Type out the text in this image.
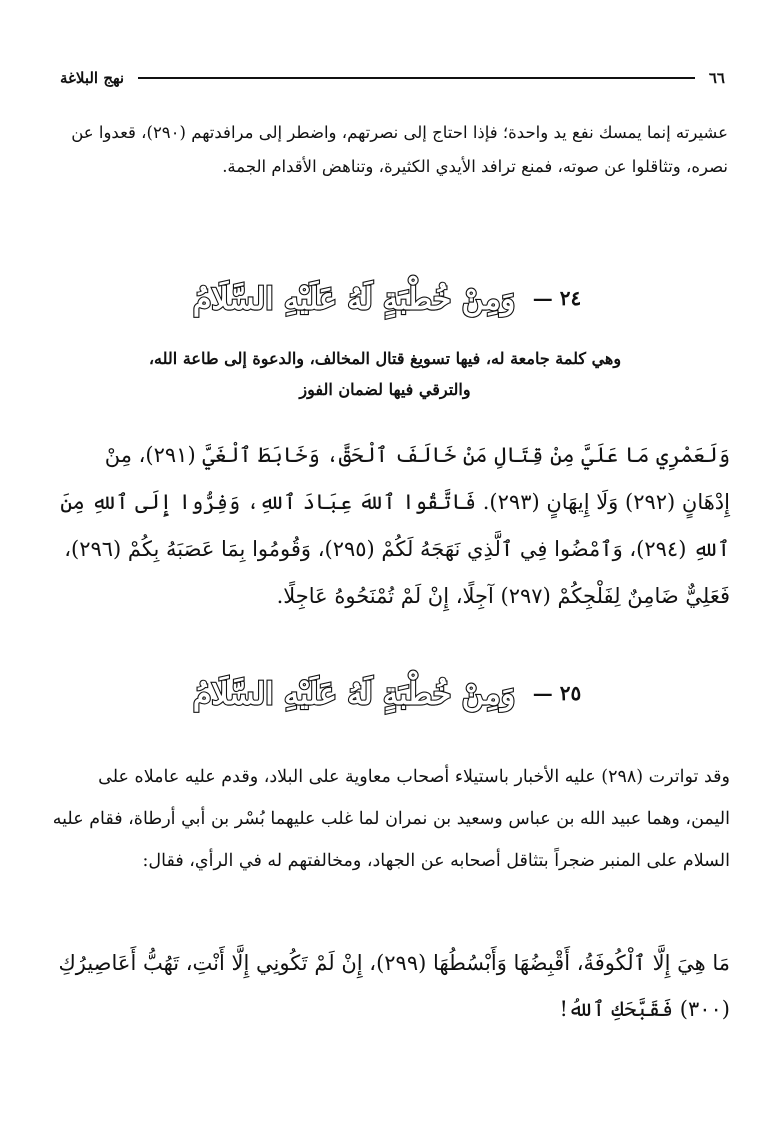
٦٦
نهج البلاغة
عشيرته إنما يمسك نفع يد واحدة؛ فإذا احتاج إلى نصرتهم، واضطر إلى مرافدتهم (٢٩٠)، قعدوا عن نصره، وتثاقلوا عن صوته، فمنع ترافد الأيدي الكثيرة، وتناهض الأقدام الجمة.
٢٤ —
وَمِنْ خُطْبَةٍ لَهُ عَلَيْهِ السَّلَامُ
وهي كلمة جامعة له، فيها تسويغ قتال المخالف، والدعوة إلى طاعة الله،
والترقي فيها لضمان الفوز
وَلَعَمْرِي مَا عَلَيَّ مِنْ قِتَالِ مَنْ خَالَفَ ٱلْحَقَّ، وَخَابَطَ ٱلْغَيَّ (٢٩١)، مِنْ إِدْهَانٍ (٢٩٢) وَلَا إِيهَانٍ (٢٩٣). فَاتَّقُوا ٱللهَ عِبَادَ ٱللهِ، وَفِرُّوا إِلَى ٱللهِ مِنَ ٱللهِ (٢٩٤)، وَٱمْضُوا فِي ٱلَّذِي نَهَجَهُ لَكُمْ (٢٩٥)، وَقُومُوا بِمَا عَصَبَهُ بِكُمْ (٢٩٦)، فَعَلِيٌّ ضَامِنٌ لِفَلْجِكُمْ (٢٩٧) آجِلًا، إِنْ لَمْ تُمْنَحُوهُ عَاجِلًا.
٢٥ —
وَمِنْ خُطْبَةٍ لَهُ عَلَيْهِ السَّلَامُ
وقد تواترت (٢٩٨) عليه الأخبار باستيلاء أصحاب معاوية على البلاد، وقدم عليه عاملاه على اليمن، وهما عبيد الله بن عباس وسعيد بن نمران لما غلب عليهما بُسْر بن أبي أرطاة، فقام عليه السلام على المنبر ضجراً بتثاقل أصحابه عن الجهاد، ومخالفتهم له في الرأي، فقال:
مَا هِيَ إِلَّا ٱلْكُوفَةُ، أَقْبِضُهَا وَأَبْسُطُهَا (٢٩٩)، إِنْ لَمْ تَكُونِي إِلَّا أَنْتِ، تَهُبُّ أَعَاصِيرُكِ (٣٠٠) فَقَبَّحَكِ ٱللهُ!
